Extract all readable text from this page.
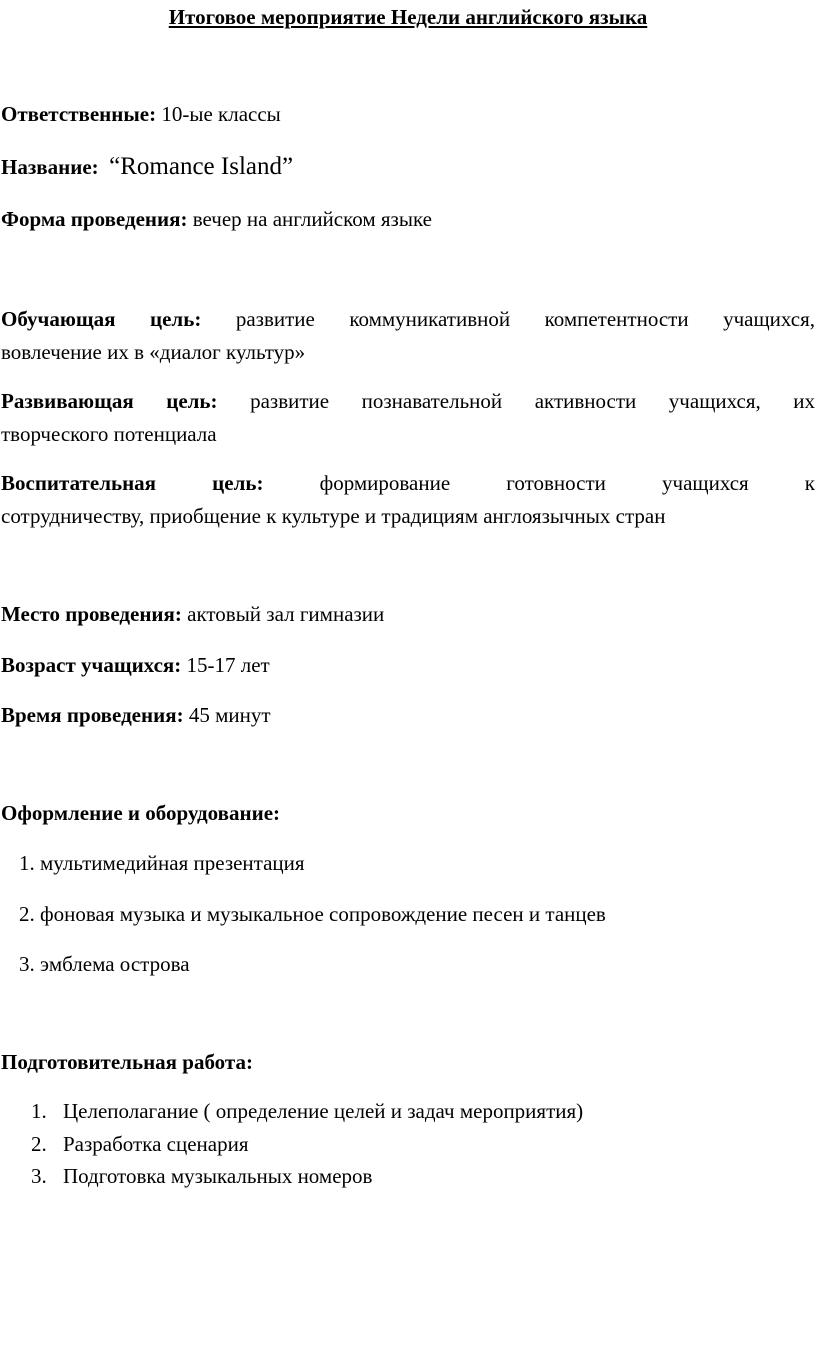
Итоговое мероприятие Недели английского языка
Ответственные: 10-ые классы
Название: “Romance Island”
Форма проведения: вечер на английском языке
Обучающая цель: развитие коммуникативной компетентности учащихся,
вовлечение их в «диалог культур»
Развивающая цель: развитие познавательной активности учащихся, их
творческого потенциала
Воспитательная цель:	формирование готовности учащихся к
сотрудничеству, приобщение к культуре и традициям англоязычных стран
Место проведения: актовый зал гимназии
Возраст учащихся: 15-17 лет
Время проведения: 45 минут
Оформление и оборудование:
1. мультимедийная презентация
2. фоновая музыка и музыкальное сопровождение песен и танцев
3. эмблема острова
Подготовительная работа:
1. Целеполагание ( определение целей и задач мероприятия)
2. Разработка сценария
3. Подготовка музыкальных номеров
